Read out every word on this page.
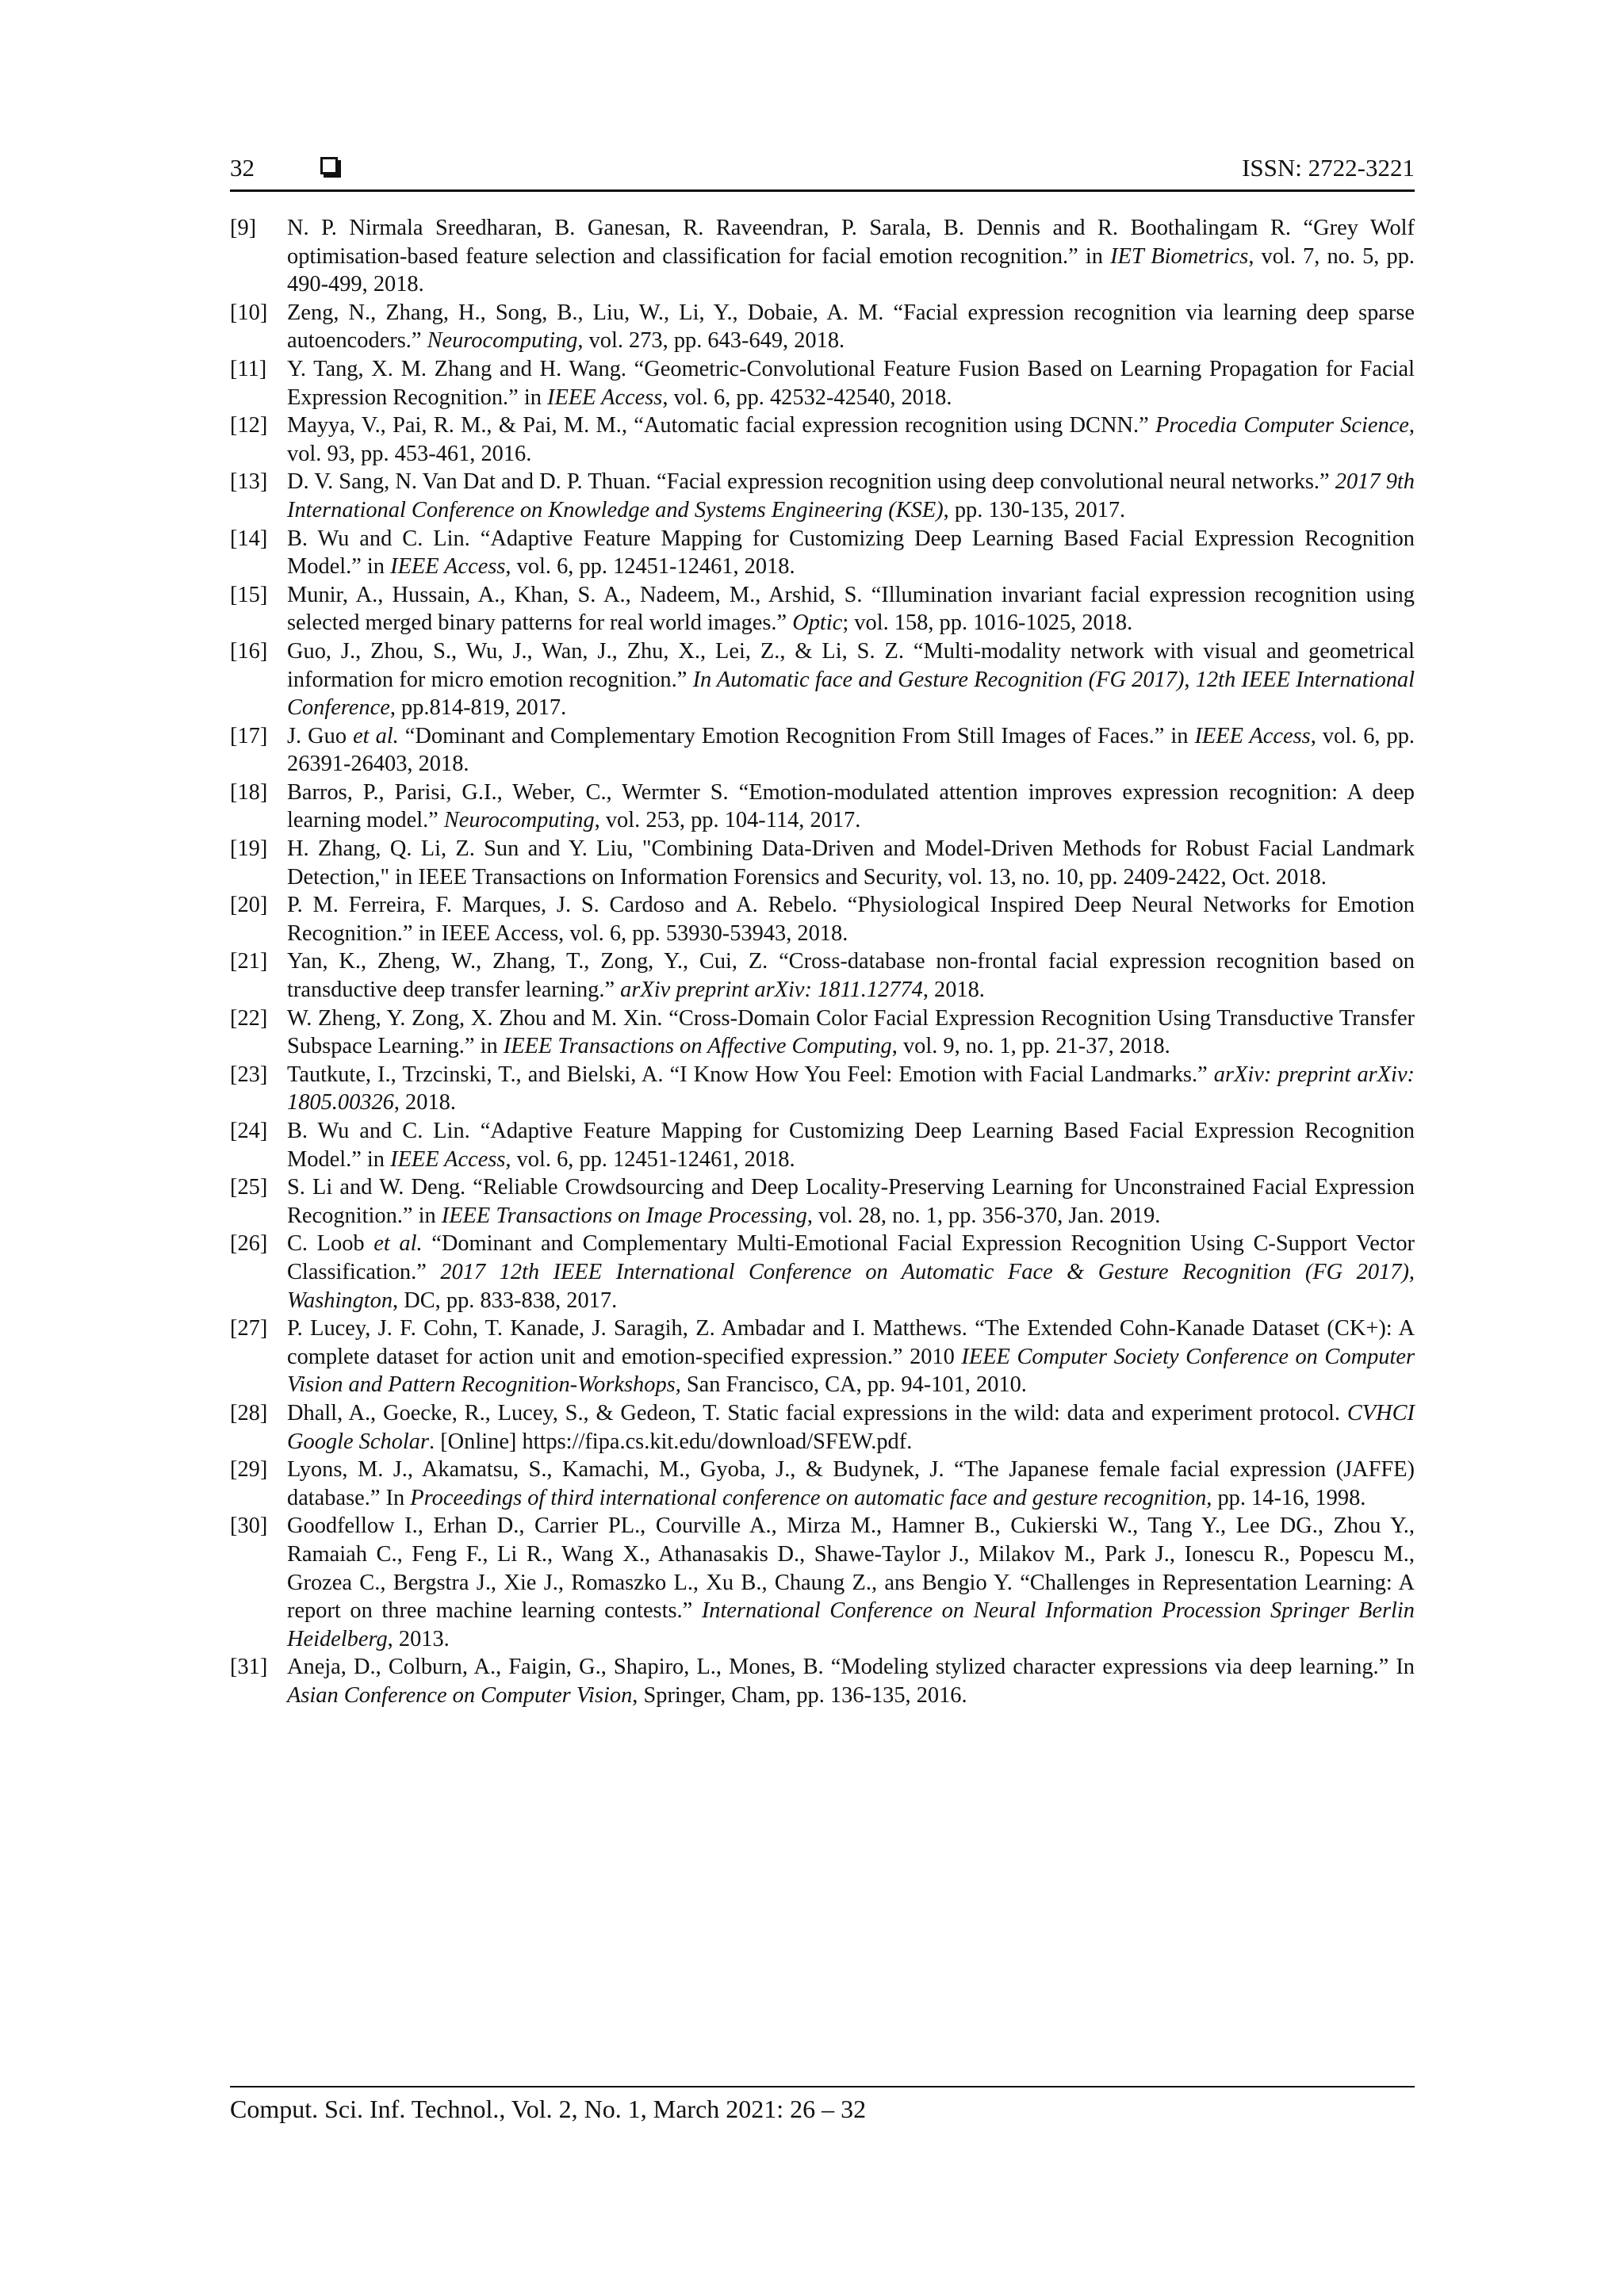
32	ISSN: 2722-3221
[9] N. P. Nirmala Sreedharan, B. Ganesan, R. Raveendran, P. Sarala, B. Dennis and R. Boothalingam R. “Grey Wolf optimisation-based feature selection and classification for facial emotion recognition.” in IET Biometrics, vol. 7, no. 5, pp. 490-499, 2018.
[10] Zeng, N., Zhang, H., Song, B., Liu, W., Li, Y., Dobaie, A. M. “Facial expression recognition via learning deep sparse autoencoders.” Neurocomputing, vol. 273, pp. 643-649, 2018.
[11] Y. Tang, X. M. Zhang and H. Wang. “Geometric-Convolutional Feature Fusion Based on Learning Propagation for Facial Expression Recognition.” in IEEE Access, vol. 6, pp. 42532-42540, 2018.
[12] Mayya, V., Pai, R. M., & Pai, M. M., “Automatic facial expression recognition using DCNN.” Procedia Computer Science, vol. 93, pp. 453-461, 2016.
[13] D. V. Sang, N. Van Dat and D. P. Thuan. “Facial expression recognition using deep convolutional neural networks.” 2017 9th International Conference on Knowledge and Systems Engineering (KSE), pp. 130-135, 2017.
[14] B. Wu and C. Lin. “Adaptive Feature Mapping for Customizing Deep Learning Based Facial Expression Recognition Model.” in IEEE Access, vol. 6, pp. 12451-12461, 2018.
[15] Munir, A., Hussain, A., Khan, S. A., Nadeem, M., Arshid, S. “Illumination invariant facial expression recognition using selected merged binary patterns for real world images.” Optic; vol. 158, pp. 1016-1025, 2018.
[16] Guo, J., Zhou, S., Wu, J., Wan, J., Zhu, X., Lei, Z., & Li, S. Z. “Multi-modality network with visual and geometrical information for micro emotion recognition.” In Automatic face and Gesture Recognition (FG 2017), 12th IEEE International Conference, pp.814-819, 2017.
[17] J. Guo et al. “Dominant and Complementary Emotion Recognition From Still Images of Faces.” in IEEE Access, vol. 6, pp. 26391-26403, 2018.
[18] Barros, P., Parisi, G.I., Weber, C., Wermter S. “Emotion-modulated attention improves expression recognition: A deep learning model.” Neurocomputing, vol. 253, pp. 104-114, 2017.
[19] H. Zhang, Q. Li, Z. Sun and Y. Liu, "Combining Data-Driven and Model-Driven Methods for Robust Facial Landmark Detection," in IEEE Transactions on Information Forensics and Security, vol. 13, no. 10, pp. 2409-2422, Oct. 2018.
[20] P. M. Ferreira, F. Marques, J. S. Cardoso and A. Rebelo. “Physiological Inspired Deep Neural Networks for Emotion Recognition.” in IEEE Access, vol. 6, pp. 53930-53943, 2018.
[21] Yan, K., Zheng, W., Zhang, T., Zong, Y., Cui, Z. “Cross-database non-frontal facial expression recognition based on transductive deep transfer learning.” arXiv preprint arXiv: 1811.12774, 2018.
[22] W. Zheng, Y. Zong, X. Zhou and M. Xin. “Cross-Domain Color Facial Expression Recognition Using Transductive Transfer Subspace Learning.” in IEEE Transactions on Affective Computing, vol. 9, no. 1, pp. 21-37, 2018.
[23] Tautkute, I., Trzcinski, T., and Bielski, A. “I Know How You Feel: Emotion with Facial Landmarks.” arXiv: preprint arXiv: 1805.00326, 2018.
[24] B. Wu and C. Lin. “Adaptive Feature Mapping for Customizing Deep Learning Based Facial Expression Recognition Model.” in IEEE Access, vol. 6, pp. 12451-12461, 2018.
[25] S. Li and W. Deng. “Reliable Crowdsourcing and Deep Locality-Preserving Learning for Unconstrained Facial Expression Recognition.” in IEEE Transactions on Image Processing, vol. 28, no. 1, pp. 356-370, Jan. 2019.
[26] C. Loob et al. “Dominant and Complementary Multi-Emotional Facial Expression Recognition Using C-Support Vector Classification.” 2017 12th IEEE International Conference on Automatic Face & Gesture Recognition (FG 2017), Washington, DC, pp. 833-838, 2017.
[27] P. Lucey, J. F. Cohn, T. Kanade, J. Saragih, Z. Ambadar and I. Matthews. “The Extended Cohn-Kanade Dataset (CK+): A complete dataset for action unit and emotion-specified expression.” 2010 IEEE Computer Society Conference on Computer Vision and Pattern Recognition-Workshops, San Francisco, CA, pp. 94-101, 2010.
[28] Dhall, A., Goecke, R., Lucey, S., & Gedeon, T. Static facial expressions in the wild: data and experiment protocol. CVHCI Google Scholar. [Online] https://fipa.cs.kit.edu/download/SFEW.pdf.
[29] Lyons, M. J., Akamatsu, S., Kamachi, M., Gyoba, J., & Budynek, J. “The Japanese female facial expression (JAFFE) database.” In Proceedings of third international conference on automatic face and gesture recognition, pp. 14-16, 1998.
[30] Goodfellow I., Erhan D., Carrier PL., Courville A., Mirza M., Hamner B., Cukierski W., Tang Y., Lee DG., Zhou Y., Ramaiah C., Feng F., Li R., Wang X., Athanasakis D., Shawe-Taylor J., Milakov M., Park J., Ionescu R., Popescu M., Grozea C., Bergstra J., Xie J., Romaszko L., Xu B., Chaung Z., ans Bengio Y. “Challenges in Representation Learning: A report on three machine learning contests.” International Conference on Neural Information Procession Springer Berlin Heidelberg, 2013.
[31] Aneja, D., Colburn, A., Faigin, G., Shapiro, L., Mones, B. “Modeling stylized character expressions via deep learning.” In Asian Conference on Computer Vision, Springer, Cham, pp. 136-135, 2016.
Comput. Sci. Inf. Technol., Vol. 2, No. 1, March 2021: 26 – 32
